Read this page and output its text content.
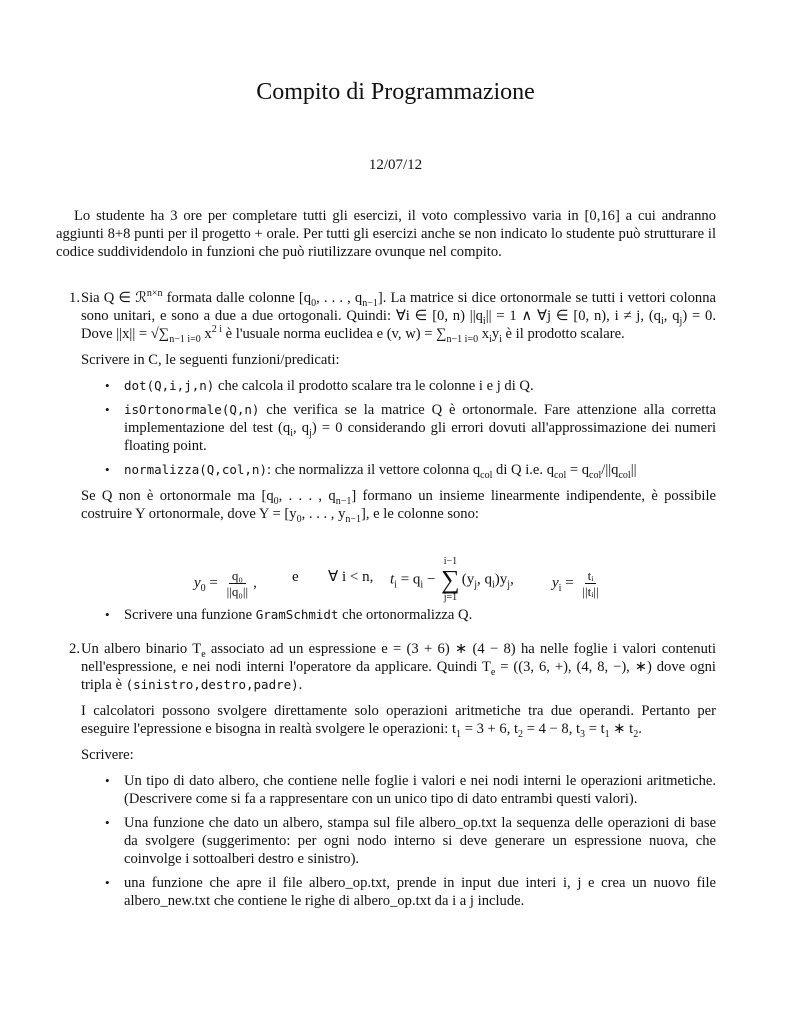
Compito di Programmazione
12/07/12

Lo studente ha 3 ore per completare tutti gli esercizi, il voto complessivo varia in [0,16] a cui andranno aggiunti 8+8 punti per il progetto + orale. Per tutti gli esercizi anche se non indicato lo studente può strutturare il codice suddividendolo in funzioni che può riutilizzare ovunque nel compito.

1. Sia Q ∈ ℛ$^{n\times n}$ formata dalle colonne [$q_0$, . . . , $q_{n-1}$]. La matrice si dice ortonormale se tutti i vettori colonna sono unitari, e sono a due a due ortogonali. Quindi: ∀i ∈ [0, n) $||q_i|| = 1$ ∧ ∀j ∈ [0, n), i ≠ j, ($q_i$, $q_j) = 0$. Dove $||x|| = √\sum_{n-1 i=0}$ $x^{2 i}$ è l'usuale norma euclidea e (v, $w) = \sum_{n-1 i=0}$ $x_iy_i$ è il prodotto scalare.

Scrivere in C, le seguenti funzioni/predicati:

• dot(Q,i,j,n) che calcola il prodotto scalare tra le colonne i e j di Q.
• isOrtonormale(Q,n) che verifica se la matrice Q è ortonormale. Fare attenzione alla corretta implementazione del test ($q_i$, $q_j) = 0$ considerando gli errori dovuti all'approssimazione dei numeri floating point.
• normalizza(Q,col,n): che normalizza il vettore colonna $q_{col}$ di Q i.e. $q_{col} = q_{col}/||q_{col}||$

Se Q non è ortonormale ma [$q_0$, . . . , $q_{n-1}$] formano un insieme linearmente indipendente, è possibile costruire Y ortonormale, dove $Y = [y_0$, . . . , $y_{n-1}$], e le colonne sono:

$y_0 = \frac{\text{q₀}}{\text{||q₀||}}$ , e ∀ i < n, $t_i = q_i$ −
i−1
∑
j=1
($y_j$, $q_i)y_j$,	$y_i = \frac{\text{tᵢ}}{\text{||tᵢ||}}$
• Scrivere una funzione GramSchmidt che ortonormalizza Q.
2. Un albero binario $T_e$ associato ad un espressione e = (3 + 6) ∗ (4 − 8) ha nelle foglie i valori contenuti nell'espressione, e nei nodi interni l'operatore da applicare. Quindi $T_e = ((3$, 6, +), (4, 8, −), ∗) dove ogni tripla è (sinistro,destro,padre).

I calcolatori possono svolgere direttamente solo operazioni aritmetiche tra due operandi. Pertanto per eseguire l'epressione e bisogna in realtà svolgere le operazioni: $t_1 = 3 + 6$, $t_2 = 4 - 8$, $t_3 = t_1$ ∗ $t_2$.

Scrivere:

• Un tipo di dato albero, che contiene nelle foglie i valori e nei nodi interni le operazioni aritmetiche. (Descrivere come si fa a rappresentare con un unico tipo di dato entrambi questi valori).
• Una funzione che dato un albero, stampa sul file albero_op.txt la sequenza delle operazioni di base da svolgere (suggerimento: per ogni nodo interno si deve generare un espressione nuova, che coinvolge i sottoalberi destro e sinistro).
• una funzione che apre il file albero_op.txt, prende in input due interi i, j e crea un nuovo file albero_new.txt che contiene le righe di albero_op.txt da i a j include.
